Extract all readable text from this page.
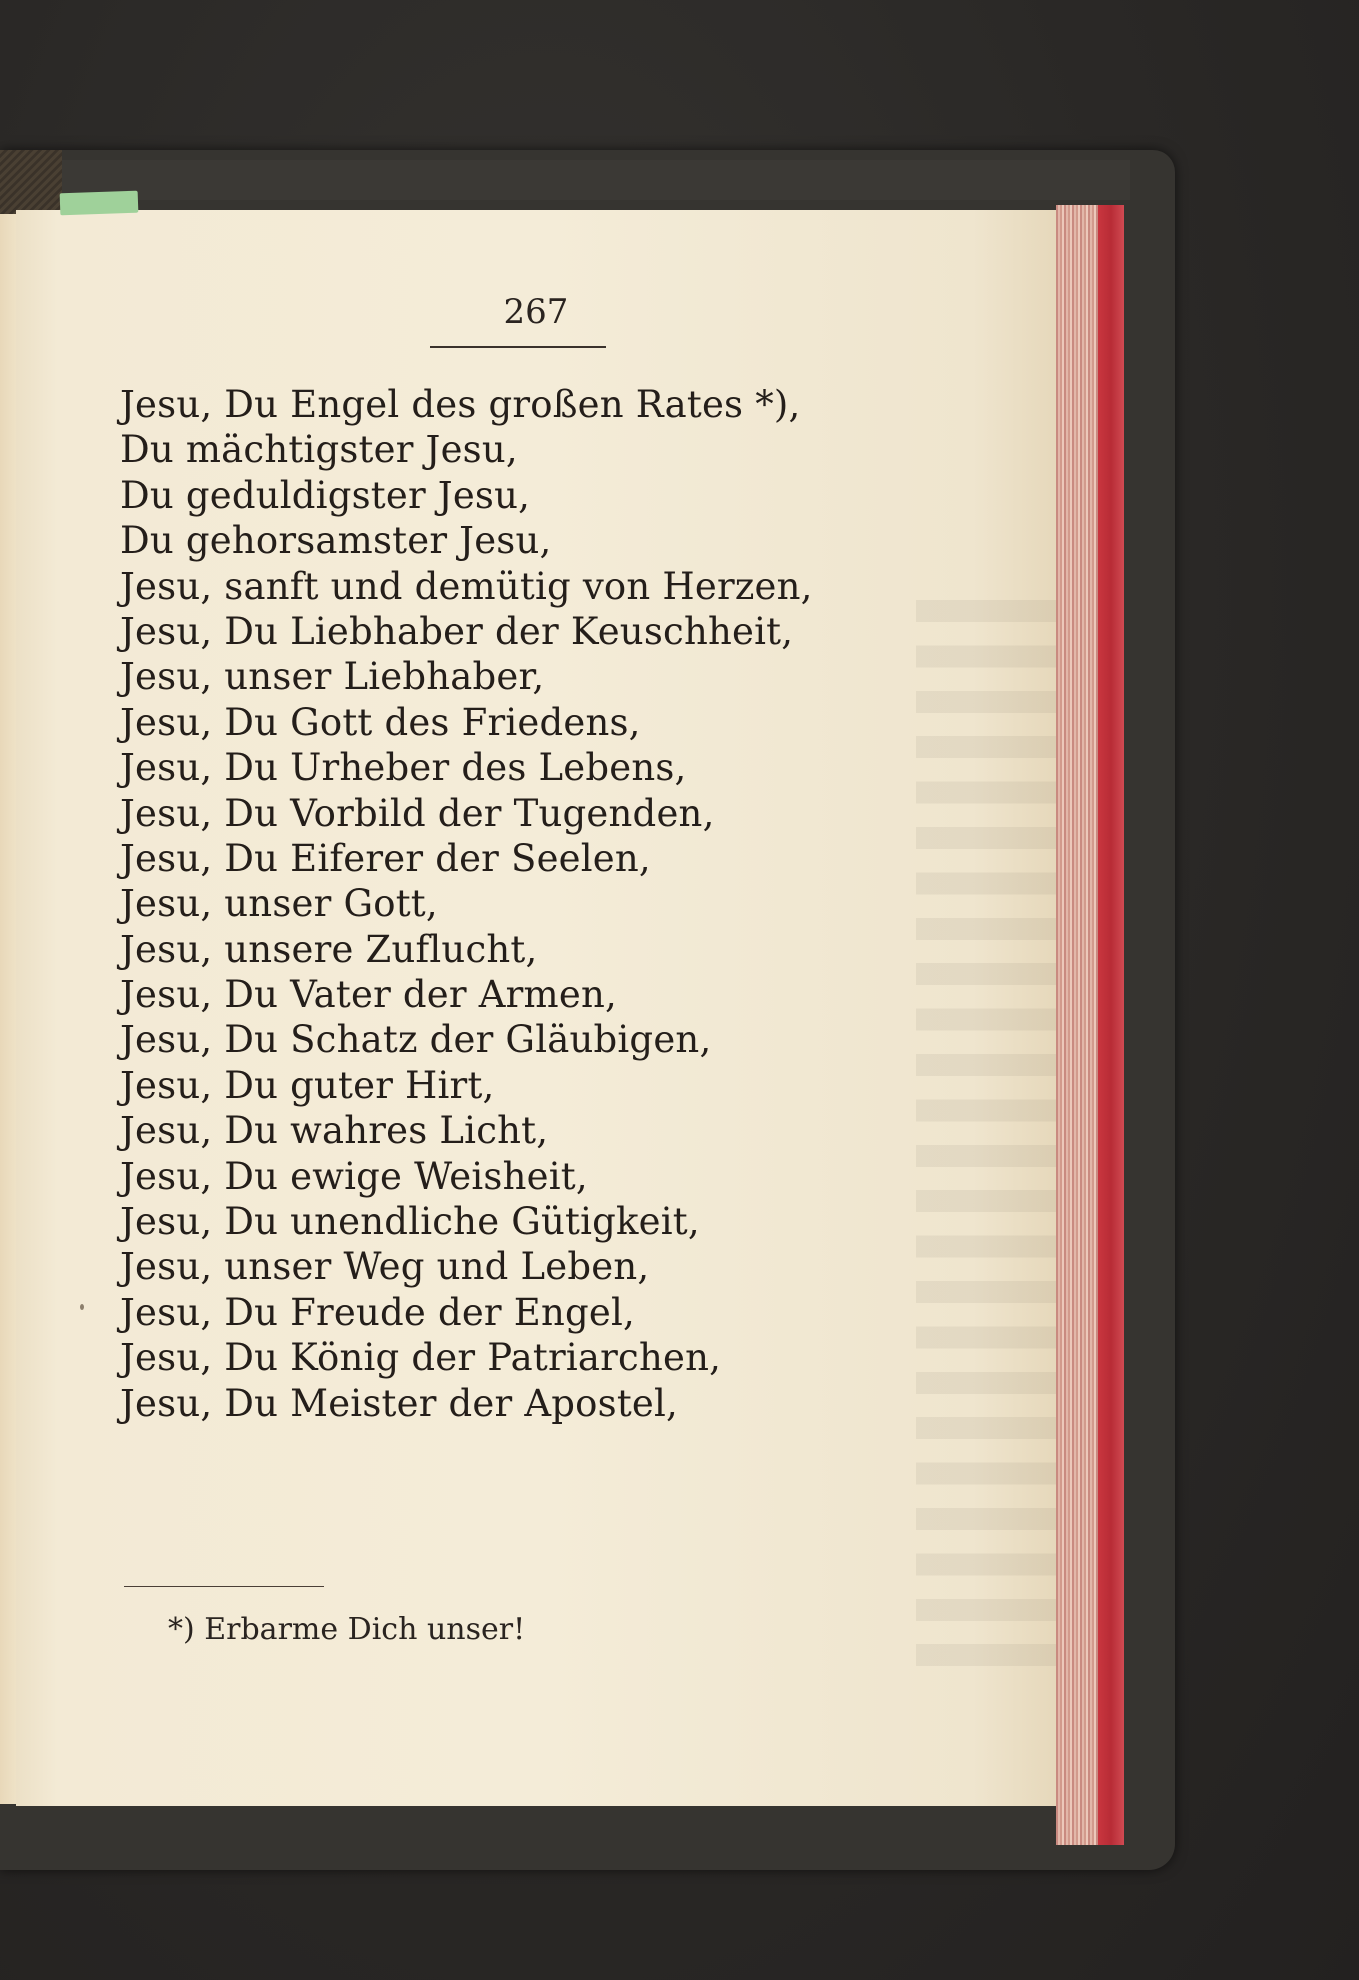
267
Jesu, Du Engel des großen Rates *),
Du mächtigster Jesu,
Du geduldigster Jesu,
Du gehorsamster Jesu,
Jesu, sanft und demütig von Herzen,
Jesu, Du Liebhaber der Keuschheit,
Jesu, unser Liebhaber,
Jesu, Du Gott des Friedens,
Jesu, Du Urheber des Lebens,
Jesu, Du Vorbild der Tugenden,
Jesu, Du Eiferer der Seelen,
Jesu, unser Gott,
Jesu, unsere Zuflucht,
Jesu, Du Vater der Armen,
Jesu, Du Schatz der Gläubigen,
Jesu, Du guter Hirt,
Jesu, Du wahres Licht,
Jesu, Du ewige Weisheit,
Jesu, Du unendliche Gütigkeit,
Jesu, unser Weg und Leben,
Jesu, Du Freude der Engel,
Jesu, Du König der Patriarchen,
Jesu, Du Meister der Apostel,
*) Erbarme Dich unser!
